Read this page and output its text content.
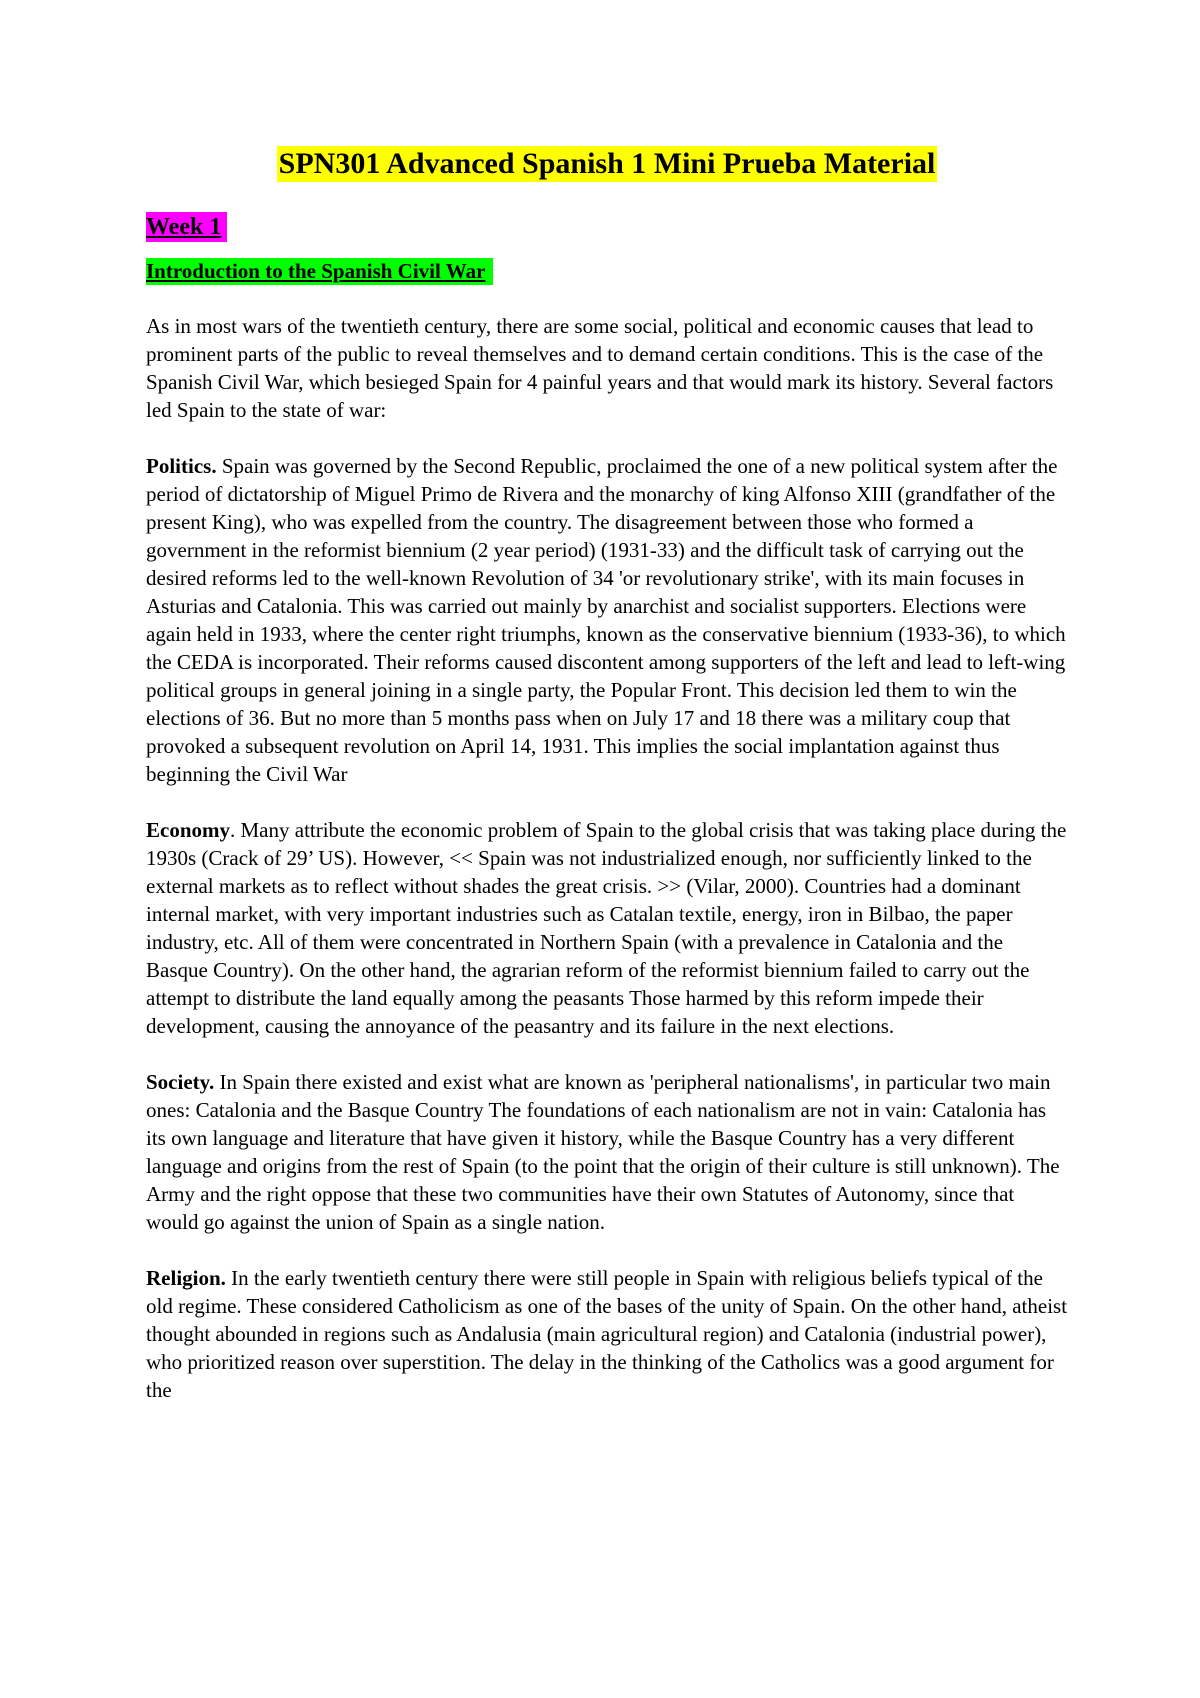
SPN301 Advanced Spanish 1 Mini Prueba Material
Week 1
Introduction to the Spanish Civil War

As in most wars of the twentieth century, there are some social, political and economic causes that lead to prominent parts of the public to reveal themselves and to demand certain conditions. This is the case of the Spanish Civil War, which besieged Spain for 4 painful years and that would mark its history. Several factors led Spain to the state of war:

Politics. Spain was governed by the Second Republic, proclaimed the one of a new political system after the period of dictatorship of Miguel Primo de Rivera and the monarchy of king Alfonso XIII (grandfather of the present King), who was expelled from the country. The disagreement between those who formed a government in the reformist biennium (2 year period) (1931-33) and the difficult task of carrying out the desired reforms led to the well-known Revolution of 34 'or revolutionary strike', with its main focuses in Asturias and Catalonia. This was carried out mainly by anarchist and socialist supporters. Elections were again held in 1933, where the center right triumphs, known as the conservative biennium (1933-36), to which the CEDA is incorporated. Their reforms caused discontent among supporters of the left and lead to left-wing political groups in general joining in a single party, the Popular Front. This decision led them to win the elections of 36. But no more than 5 months pass when on July 17 and 18 there was a military coup that provoked a subsequent revolution on April 14, 1931. This implies the social implantation against thus beginning the Civil War

Economy. Many attribute the economic problem of Spain to the global crisis that was taking place during the 1930s (Crack of 29’ US). However, << Spain was not industrialized enough, nor sufficiently linked to the external markets as to reflect without shades the great crisis. >> (Vilar, 2000). Countries had a dominant internal market, with very important industries such as Catalan textile, energy, iron in Bilbao, the paper industry, etc. All of them were concentrated in Northern Spain (with a prevalence in Catalonia and the Basque Country). On the other hand, the agrarian reform of the reformist biennium failed to carry out the attempt to distribute the land equally among the peasants Those harmed by this reform impede their development, causing the annoyance of the peasantry and its failure in the next elections.

Society. In Spain there existed and exist what are known as 'peripheral nationalisms', in particular two main ones: Catalonia and the Basque Country The foundations of each nationalism are not in vain: Catalonia has its own language and literature that have given it history, while the Basque Country has a very different language and origins from the rest of Spain (to the point that the origin of their culture is still unknown). The Army and the right oppose that these two communities have their own Statutes of Autonomy, since that would go against the union of Spain as a single nation.

Religion. In the early twentieth century there were still people in Spain with religious beliefs typical of the old regime. These considered Catholicism as one of the bases of the unity of Spain. On the other hand, atheist thought abounded in regions such as Andalusia (main agricultural region) and Catalonia (industrial power), who prioritized reason over superstition. The delay in the thinking of the Catholics was a good argument for the
